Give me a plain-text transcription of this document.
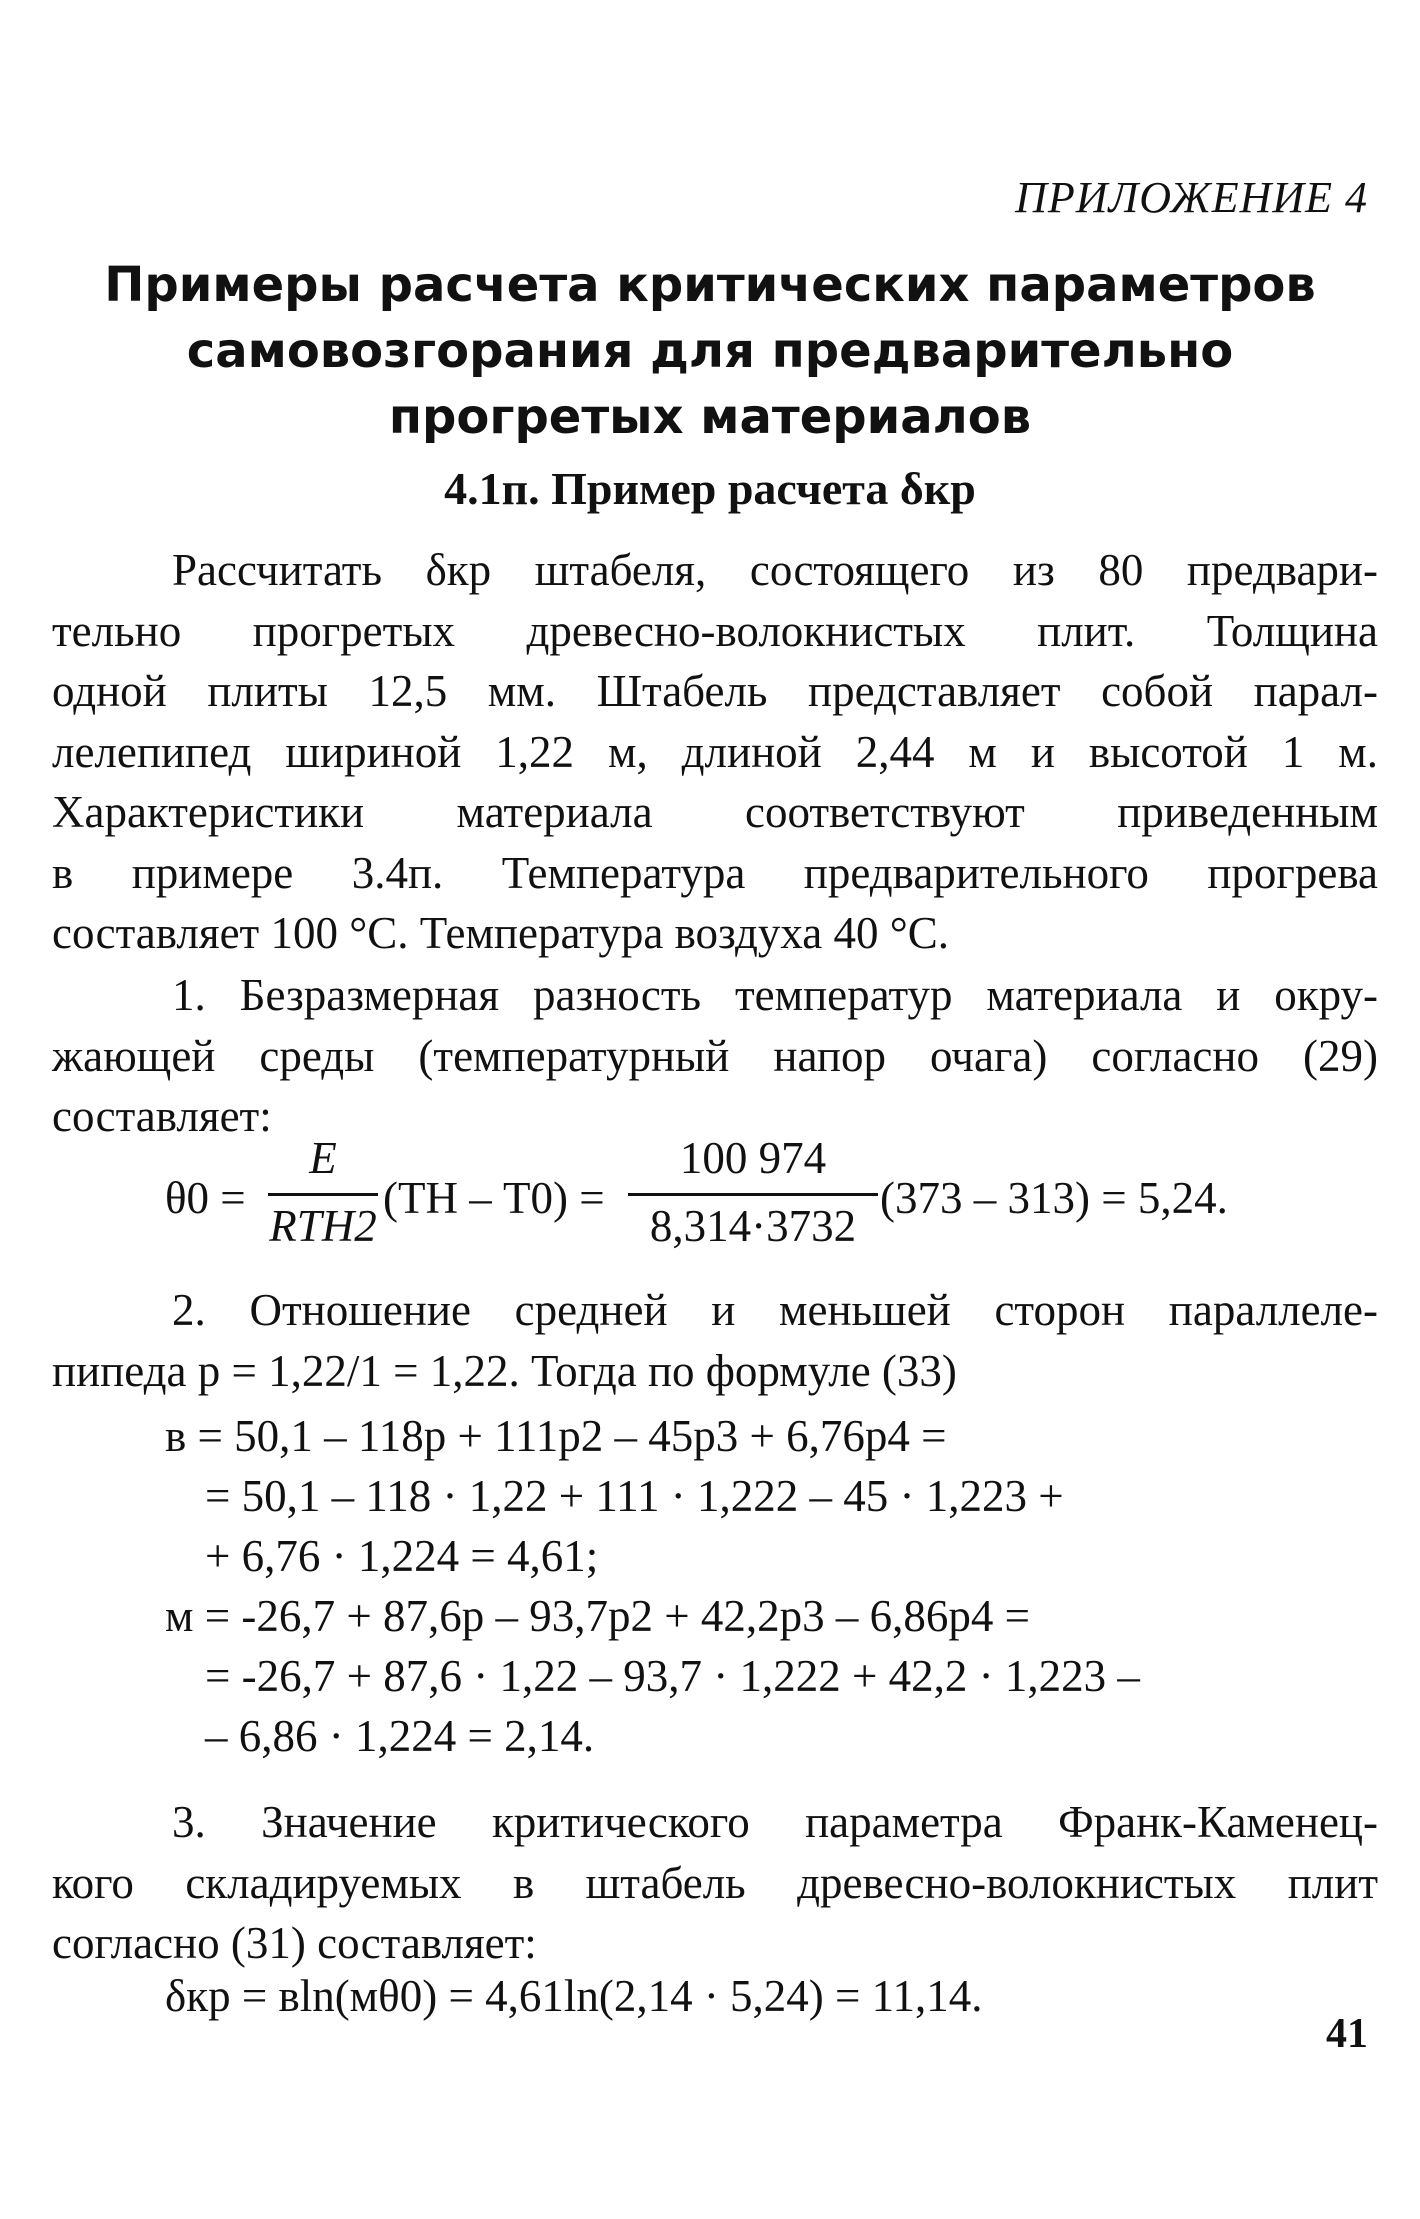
ПРИЛОЖЕНИЕ 4
Примеры расчета критических параметров
самовозгорания для предварительно
прогретых материалов
4.1п. Пример расчета δкр
Рассчитать δкр штабеля, состоящего из 80 предвари-
тельно прогретых древесно-волокнистых плит. Толщина
одной плиты 12,5 мм. Штабель представляет собой парал-
лелепипед шириной 1,22 м, длиной 2,44 м и высотой 1 м.
Характеристики материала соответствуют приведенным
в примере 3.4п. Температура предварительного прогрева
составляет 100 °С. Температура воздуха 40 °С.
1. Безразмерная разность температур материала и окру-
жающей среды (температурный напор очага) согласно (29)
составляет:
θ0 =
E
RTН2
(TН – T0) =
100 974
8,314·3732
(373 – 313) = 5,24.
2. Отношение средней и меньшей сторон параллеле-
пипеда p = 1,22/1 = 1,22. Тогда по формуле (33)
в = 50,1 – 118p + 111p2 – 45p3 + 6,76p4 =
= 50,1 – 118 · 1,22 + 111 · 1,222 – 45 · 1,223 +
+ 6,76 · 1,224 = 4,61;
м = -26,7 + 87,6p – 93,7p2 + 42,2p3 – 6,86p4 =
= -26,7 + 87,6 · 1,22 – 93,7 · 1,222 + 42,2 · 1,223 –
– 6,86 · 1,224 = 2,14.
3. Значение критического параметра Франк-Каменец-
кого складируемых в штабель древесно-волокнистых плит
согласно (31) составляет:
δкр = вln(мθ0) = 4,61ln(2,14 · 5,24) = 11,14.
41
